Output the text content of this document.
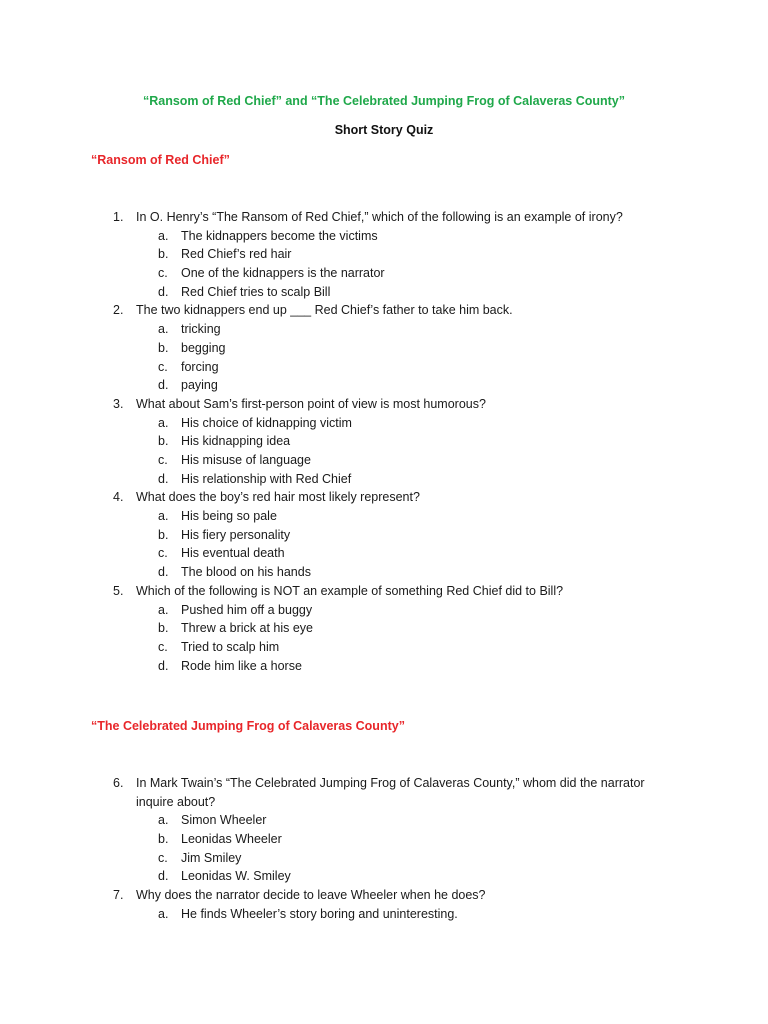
“Ransom of Red Chief” and “The Celebrated Jumping Frog of Calaveras County”
Short Story Quiz
“Ransom of Red Chief”
1.	In O. Henry’s “The Ransom of Red Chief,” which of the following is an example of irony?
a. The kidnappers become the victims
b. Red Chief’s red hair
c. One of the kidnappers is the narrator
d. Red Chief tries to scalp Bill
2.	The two kidnappers end up ___ Red Chief’s father to take him back.
a. tricking
b. begging
c. forcing
d. paying
3.	What about Sam’s first-person point of view is most humorous?
a. His choice of kidnapping victim
b. His kidnapping idea
c. His misuse of language
d. His relationship with Red Chief
4.	What does the boy’s red hair most likely represent?
a. His being so pale
b. His fiery personality
c. His eventual death
d. The blood on his hands
5.	Which of the following is NOT an example of something Red Chief did to Bill?
a. Pushed him off a buggy
b. Threw a brick at his eye
c. Tried to scalp him
d. Rode him like a horse
“The Celebrated Jumping Frog of Calaveras County”
6.	In Mark Twain’s “The Celebrated Jumping Frog of Calaveras County,” whom did the narrator inquire about?
a. Simon Wheeler
b. Leonidas Wheeler
c. Jim Smiley
d. Leonidas W. Smiley
7.	Why does the narrator decide to leave Wheeler when he does?
a. He finds Wheeler’s story boring and uninteresting.
